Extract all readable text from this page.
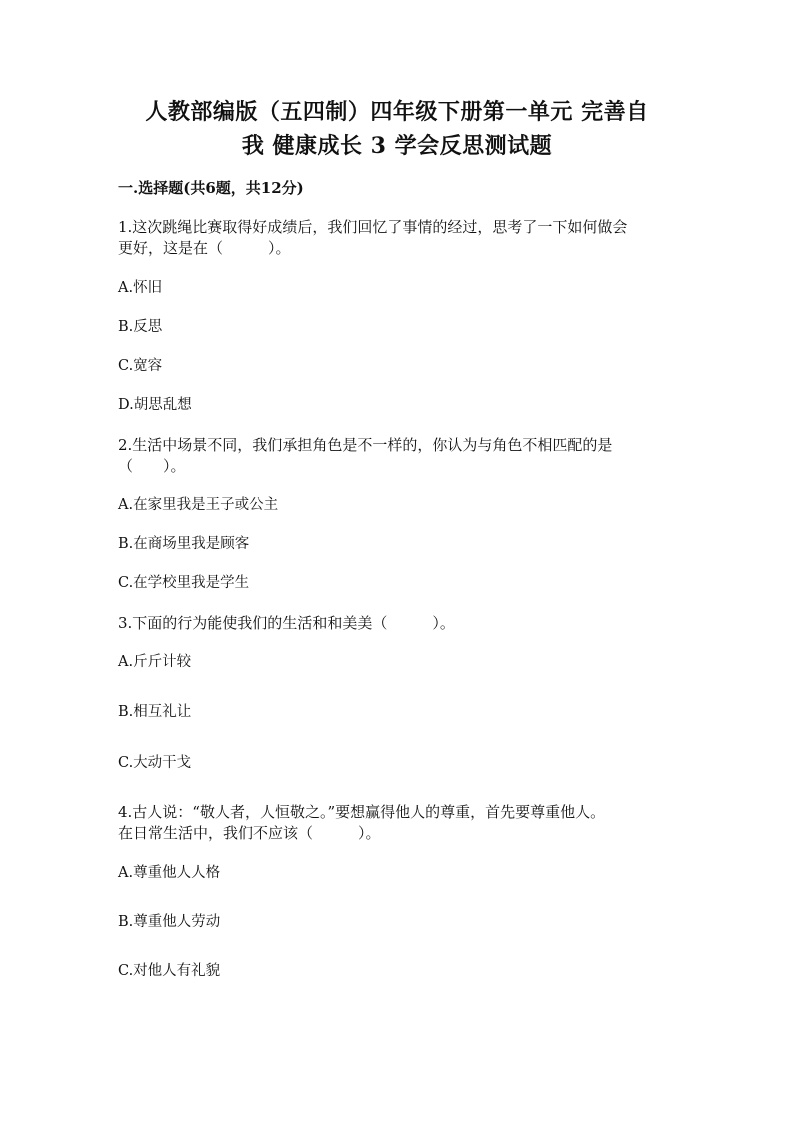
人教部编版（五四制）四年级下册第一单元 完善自
我 健康成长 3 学会反思测试题
一.选择题(共6题，共12分)
1.这次跳绳比赛取得好成绩后，我们回忆了事情的经过，思考了一下如何做会
更好，这是在（　　　）。
A.怀旧
B.反思
C.宽容
D.胡思乱想
2.生活中场景不同，我们承担角色是不一样的，你认为与角色不相匹配的是
（　　）。
A.在家里我是王子或公主
B.在商场里我是顾客
C.在学校里我是学生
3.下面的行为能使我们的生活和和美美（　　　）。
A.斤斤计较
B.相互礼让
C.大动干戈
4.古人说：“敬人者，人恒敬之。”要想赢得他人的尊重，首先要尊重他人。
在日常生活中，我们不应该（　　　）。
A.尊重他人人格
B.尊重他人劳动
C.对他人有礼貌
